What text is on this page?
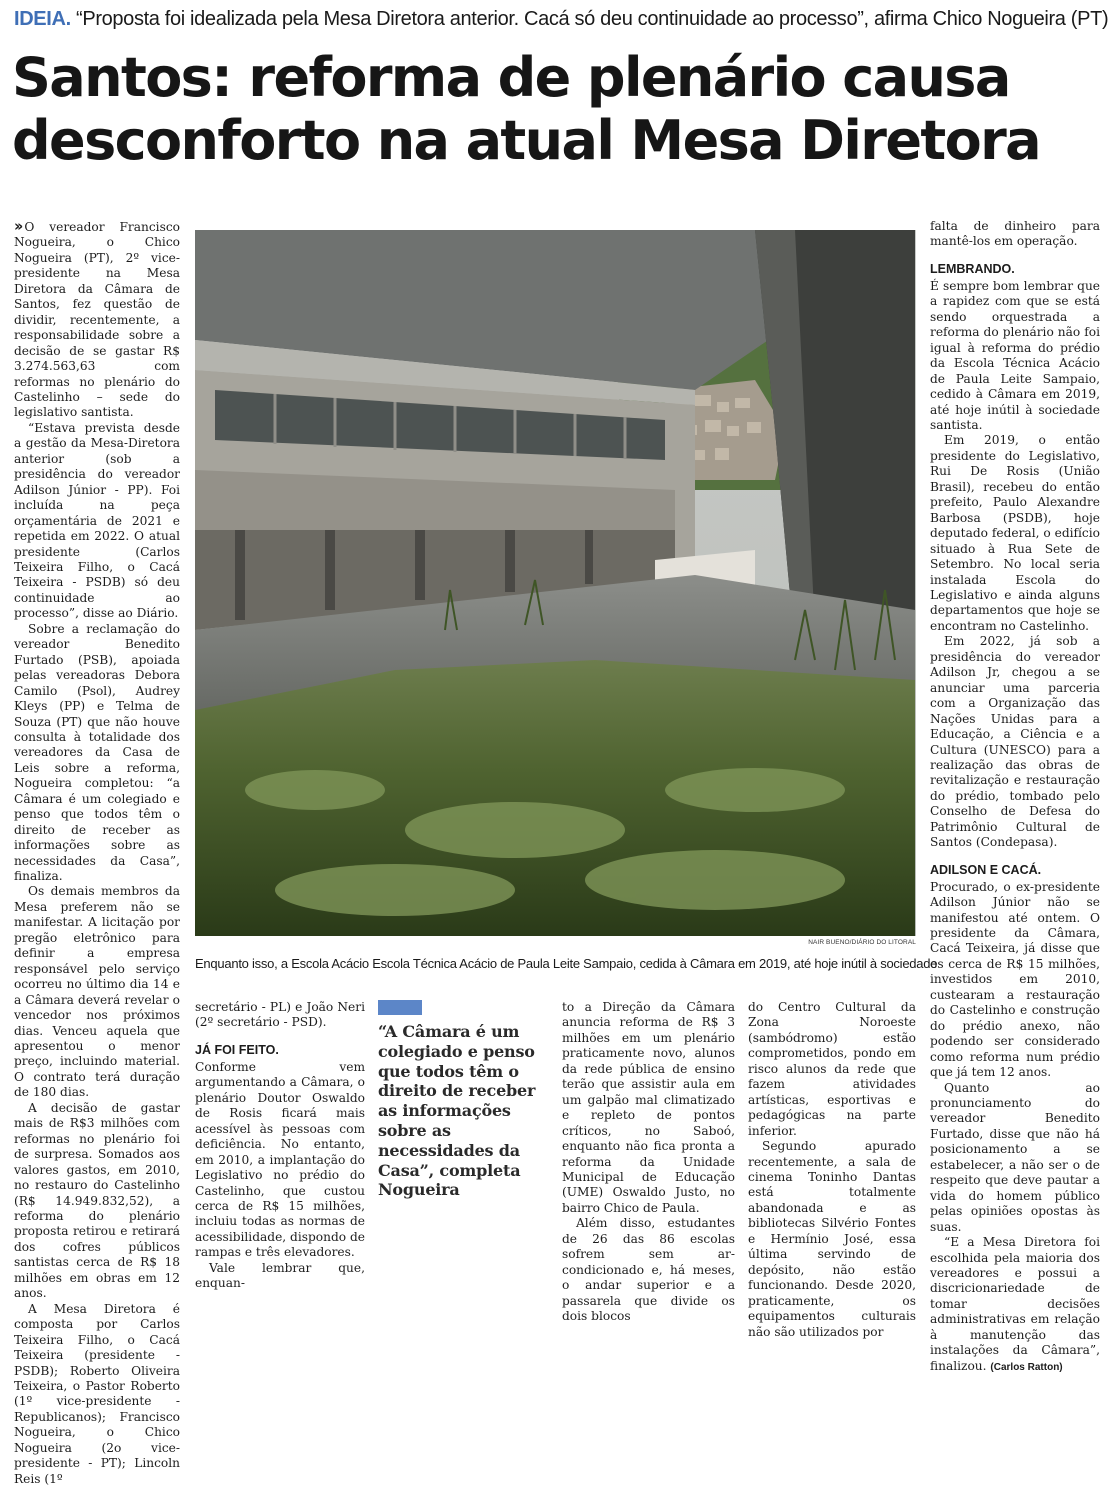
IDEIA. “Proposta foi idealizada pela Mesa Diretora anterior. Cacá só deu continuidade ao processo”, afirma Chico Nogueira (PT)
Santos: reforma de plenário causa
desconforto na atual Mesa Diretora

›› O vereador Francisco Nogueira, o Chico Nogueira (PT), 2º vice-presidente na Mesa Diretora da Câmara de Santos, fez questão de dividir, recentemente, a responsabilidade sobre a decisão de se gastar R$ 3.274.563,63 com reformas no plenário do Castelinho – sede do legislativo santista.

“Estava prevista desde a gestão da Mesa-Diretora anterior (sob a presidência do vereador Adilson Júnior - PP). Foi incluída na peça orçamentária de 2021 e repetida em 2022. O atual presidente (Carlos Teixeira Filho, o Cacá Teixeira - PSDB) só deu continuidade ao processo”, disse ao Diário.

Sobre a reclamação do vereador Benedito Furtado (PSB), apoiada pelas vereadoras Debora Camilo (Psol), Audrey Kleys (PP) e Telma de Souza (PT) que não houve consulta à totalidade dos vereadores da Casa de Leis sobre a reforma, Nogueira completou: “a Câmara é um colegiado e penso que todos têm o direito de receber as informações sobre as necessidades da Casa”, finaliza.

Os demais membros da Mesa preferem não se manifestar. A licitação por pregão eletrônico para definir a empresa responsável pelo serviço ocorreu no último dia 14 e a Câmara deverá revelar o vencedor nos próximos dias. Venceu aquela que apresentou o menor preço, incluindo material. O contrato terá duração de 180 dias.

A decisão de gastar mais de R$3 milhões com reformas no plenário foi de surpresa. Somados aos valores gastos, em 2010, no restauro do Castelinho (R$ 14.949.832,52), a reforma do plenário proposta retirou e retirará dos cofres públicos santistas cerca de R$ 18 milhões em obras em 12 anos.

A Mesa Diretora é composta por Carlos Teixeira Filho, o Cacá Teixeira (presidente - PSDB); Roberto Oliveira Teixeira, o Pastor Roberto (1º vice-presidente - Republicanos); Francisco Nogueira, o Chico Nogueira (2o vice-presidente - PT); Lincoln Reis (1º

NAIR BUENO/DIÁRIO DO LITORAL
Enquanto isso, a Escola Acácio Escola Técnica Acácio de Paula Leite Sampaio, cedida à Câmara em 2019, até hoje inútil à sociedade

secretário - PL) e João Neri (2º secretário - PSD).

JÁ FOI FEITO.

Conforme vem argumentando a Câmara, o plenário Doutor Oswaldo de Rosis ficará mais acessível às pessoas com deficiência. No entanto, em 2010, a implantação do Legislativo no prédio do Castelinho, que custou cerca de R$ 15 milhões, incluiu todas as normas de acessibilidade, dispondo de rampas e três elevadores.

Vale lembrar que, enquan-

“A Câmara é um colegiado e penso que todos têm o direito de receber as informações sobre as necessidades da Casa”, completa Nogueira

to a Direção da Câmara anuncia reforma de R$ 3 milhões em um plenário praticamente novo, alunos da rede pública de ensino terão que assistir aula em um galpão mal climatizado e repleto de pontos críticos, no Saboó, enquanto não fica pronta a reforma da Unidade Municipal de Educação (UME) Oswaldo Justo, no bairro Chico de Paula.

Além disso, estudantes de 26 das 86 escolas sofrem sem ar-condicionado e, há meses, o andar superior e a passarela que divide os dois blocos

do Centro Cultural da Zona Noroeste (sambódromo) estão comprometidos, pondo em risco alunos da rede que fazem atividades artísticas, esportivas e pedagógicas na parte inferior.

Segundo apurado recentemente, a sala de cinema Toninho Dantas está totalmente abandonada e as bibliotecas Silvério Fontes e Hermínio José, essa última servindo de depósito, não estão funcionando. Desde 2020, praticamente, os equipamentos culturais não são utilizados por

falta de dinheiro para mantê-los em operação.

LEMBRANDO.

É sempre bom lembrar que a rapidez com que se está sendo orquestrada a reforma do plenário não foi igual à reforma do prédio da Escola Técnica Acácio de Paula Leite Sampaio, cedido à Câmara em 2019, até hoje inútil à sociedade santista.

Em 2019, o então presidente do Legislativo, Rui De Rosis (União Brasil), recebeu do então prefeito, Paulo Alexandre Barbosa (PSDB), hoje deputado federal, o edifício situado à Rua Sete de Setembro. No local seria instalada Escola do Legislativo e ainda alguns departamentos que hoje se encontram no Castelinho.

Em 2022, já sob a presidência do vereador Adilson Jr, chegou a se anunciar uma parceria com a Organização das Nações Unidas para a Educação, a Ciência e a Cultura (UNESCO) para a realização das obras de revitalização e restauração do prédio, tombado pelo Conselho de Defesa do Patrimônio Cultural de Santos (Condepasa).

ADILSON E CACÁ.

Procurado, o ex-presidente Adilson Júnior não se manifestou até ontem. O presidente da Câmara, Cacá Teixeira, já disse que os cerca de R$ 15 milhões, investidos em 2010, custearam a restauração do Castelinho e construção do prédio anexo, não podendo ser considerado como reforma num prédio que já tem 12 anos.

Quanto ao pronunciamento do vereador Benedito Furtado, disse que não há posicionamento a se estabelecer, a não ser o de respeito que deve pautar a vida do homem público pelas opiniões opostas às suas.

“E a Mesa Diretora foi escolhida pela maioria dos vereadores e possui a discricionariedade de tomar decisões administrativas em relação à manutenção das instalações da Câmara”, finalizou. (Carlos Ratton)
